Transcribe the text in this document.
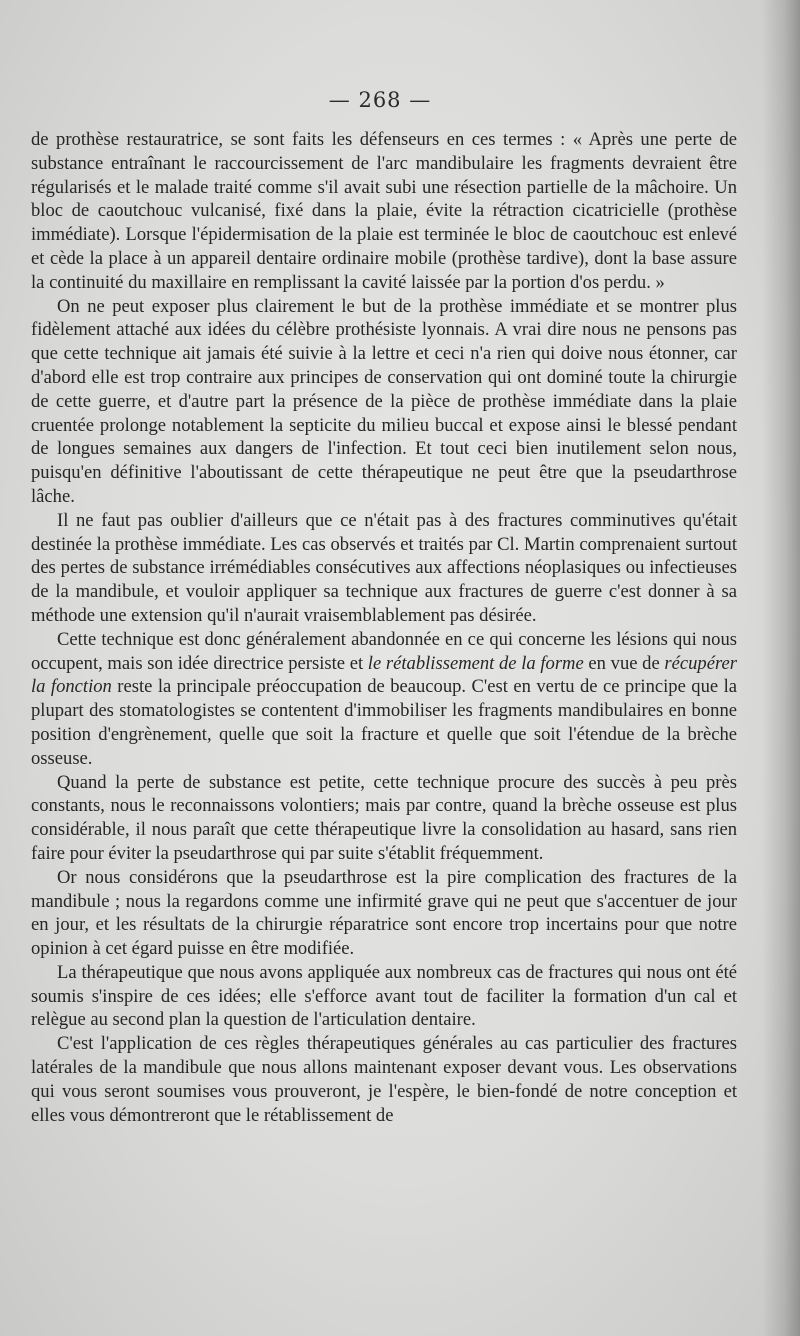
— 268 —

de prothèse restauratrice, se sont faits les défenseurs en ces termes : « Après une perte de substance entraînant le raccourcissement de l'arc mandibulaire les fragments devraient être régularisés et le malade traité comme s'il avait subi une résection partielle de la mâchoire. Un bloc de caoutchouc vulcanisé, fixé dans la plaie, évite la rétraction cicatricielle (prothèse immédiate). Lorsque l'épidermisation de la plaie est terminée le bloc de caoutchouc est enlevé et cède la place à un appareil dentaire ordinaire mobile (prothèse tardive), dont la base assure la continuité du maxillaire en remplissant la cavité laissée par la portion d'os perdu. »

On ne peut exposer plus clairement le but de la prothèse immédiate et se montrer plus fidèlement attaché aux idées du célèbre prothésiste lyonnais. A vrai dire nous ne pensons pas que cette technique ait jamais été suivie à la lettre et ceci n'a rien qui doive nous étonner, car d'abord elle est trop contraire aux principes de conservation qui ont dominé toute la chirurgie de cette guerre, et d'autre part la présence de la pièce de prothèse immédiate dans la plaie cruentée prolonge notablement la septicite du milieu buccal et expose ainsi le blessé pendant de longues semaines aux dangers de l'infection. Et tout ceci bien inutilement selon nous, puisqu'en définitive l'aboutissant de cette thérapeutique ne peut être que la pseudarthrose lâche.

Il ne faut pas oublier d'ailleurs que ce n'était pas à des fractures comminutives qu'était destinée la prothèse immédiate. Les cas observés et traités par Cl. Martin comprenaient surtout des pertes de substance irrémédiables consécutives aux affections néoplasiques ou infectieuses de la mandibule, et vouloir appliquer sa technique aux fractures de guerre c'est donner à sa méthode une extension qu'il n'aurait vraisemblablement pas désirée.

Cette technique est donc généralement abandonnée en ce qui concerne les lésions qui nous occupent, mais son idée directrice persiste et le rétablissement de la forme en vue de récupérer la fonction reste la principale préoccupation de beaucoup. C'est en vertu de ce principe que la plupart des stomatologistes se contentent d'immobiliser les fragments mandibulaires en bonne position d'engrènement, quelle que soit la fracture et quelle que soit l'étendue de la brèche osseuse.

Quand la perte de substance est petite, cette technique procure des succès à peu près constants, nous le reconnaissons volontiers; mais par contre, quand la brèche osseuse est plus considérable, il nous paraît que cette thérapeutique livre la consolidation au hasard, sans rien faire pour éviter la pseudarthrose qui par suite s'établit fréquemment.

Or nous considérons que la pseudarthrose est la pire complication des fractures de la mandibule ; nous la regardons comme une infirmité grave qui ne peut que s'accentuer de jour en jour, et les résultats de la chirurgie réparatrice sont encore trop incertains pour que notre opinion à cet égard puisse en être modifiée.

La thérapeutique que nous avons appliquée aux nombreux cas de fractures qui nous ont été soumis s'inspire de ces idées; elle s'efforce avant tout de faciliter la formation d'un cal et relègue au second plan la question de l'articulation dentaire.

C'est l'application de ces règles thérapeutiques générales au cas particulier des fractures latérales de la mandibule que nous allons maintenant exposer devant vous. Les observations qui vous seront soumises vous prouveront, je l'espère, le bien-fondé de notre conception et elles vous démontreront que le rétablissement de
